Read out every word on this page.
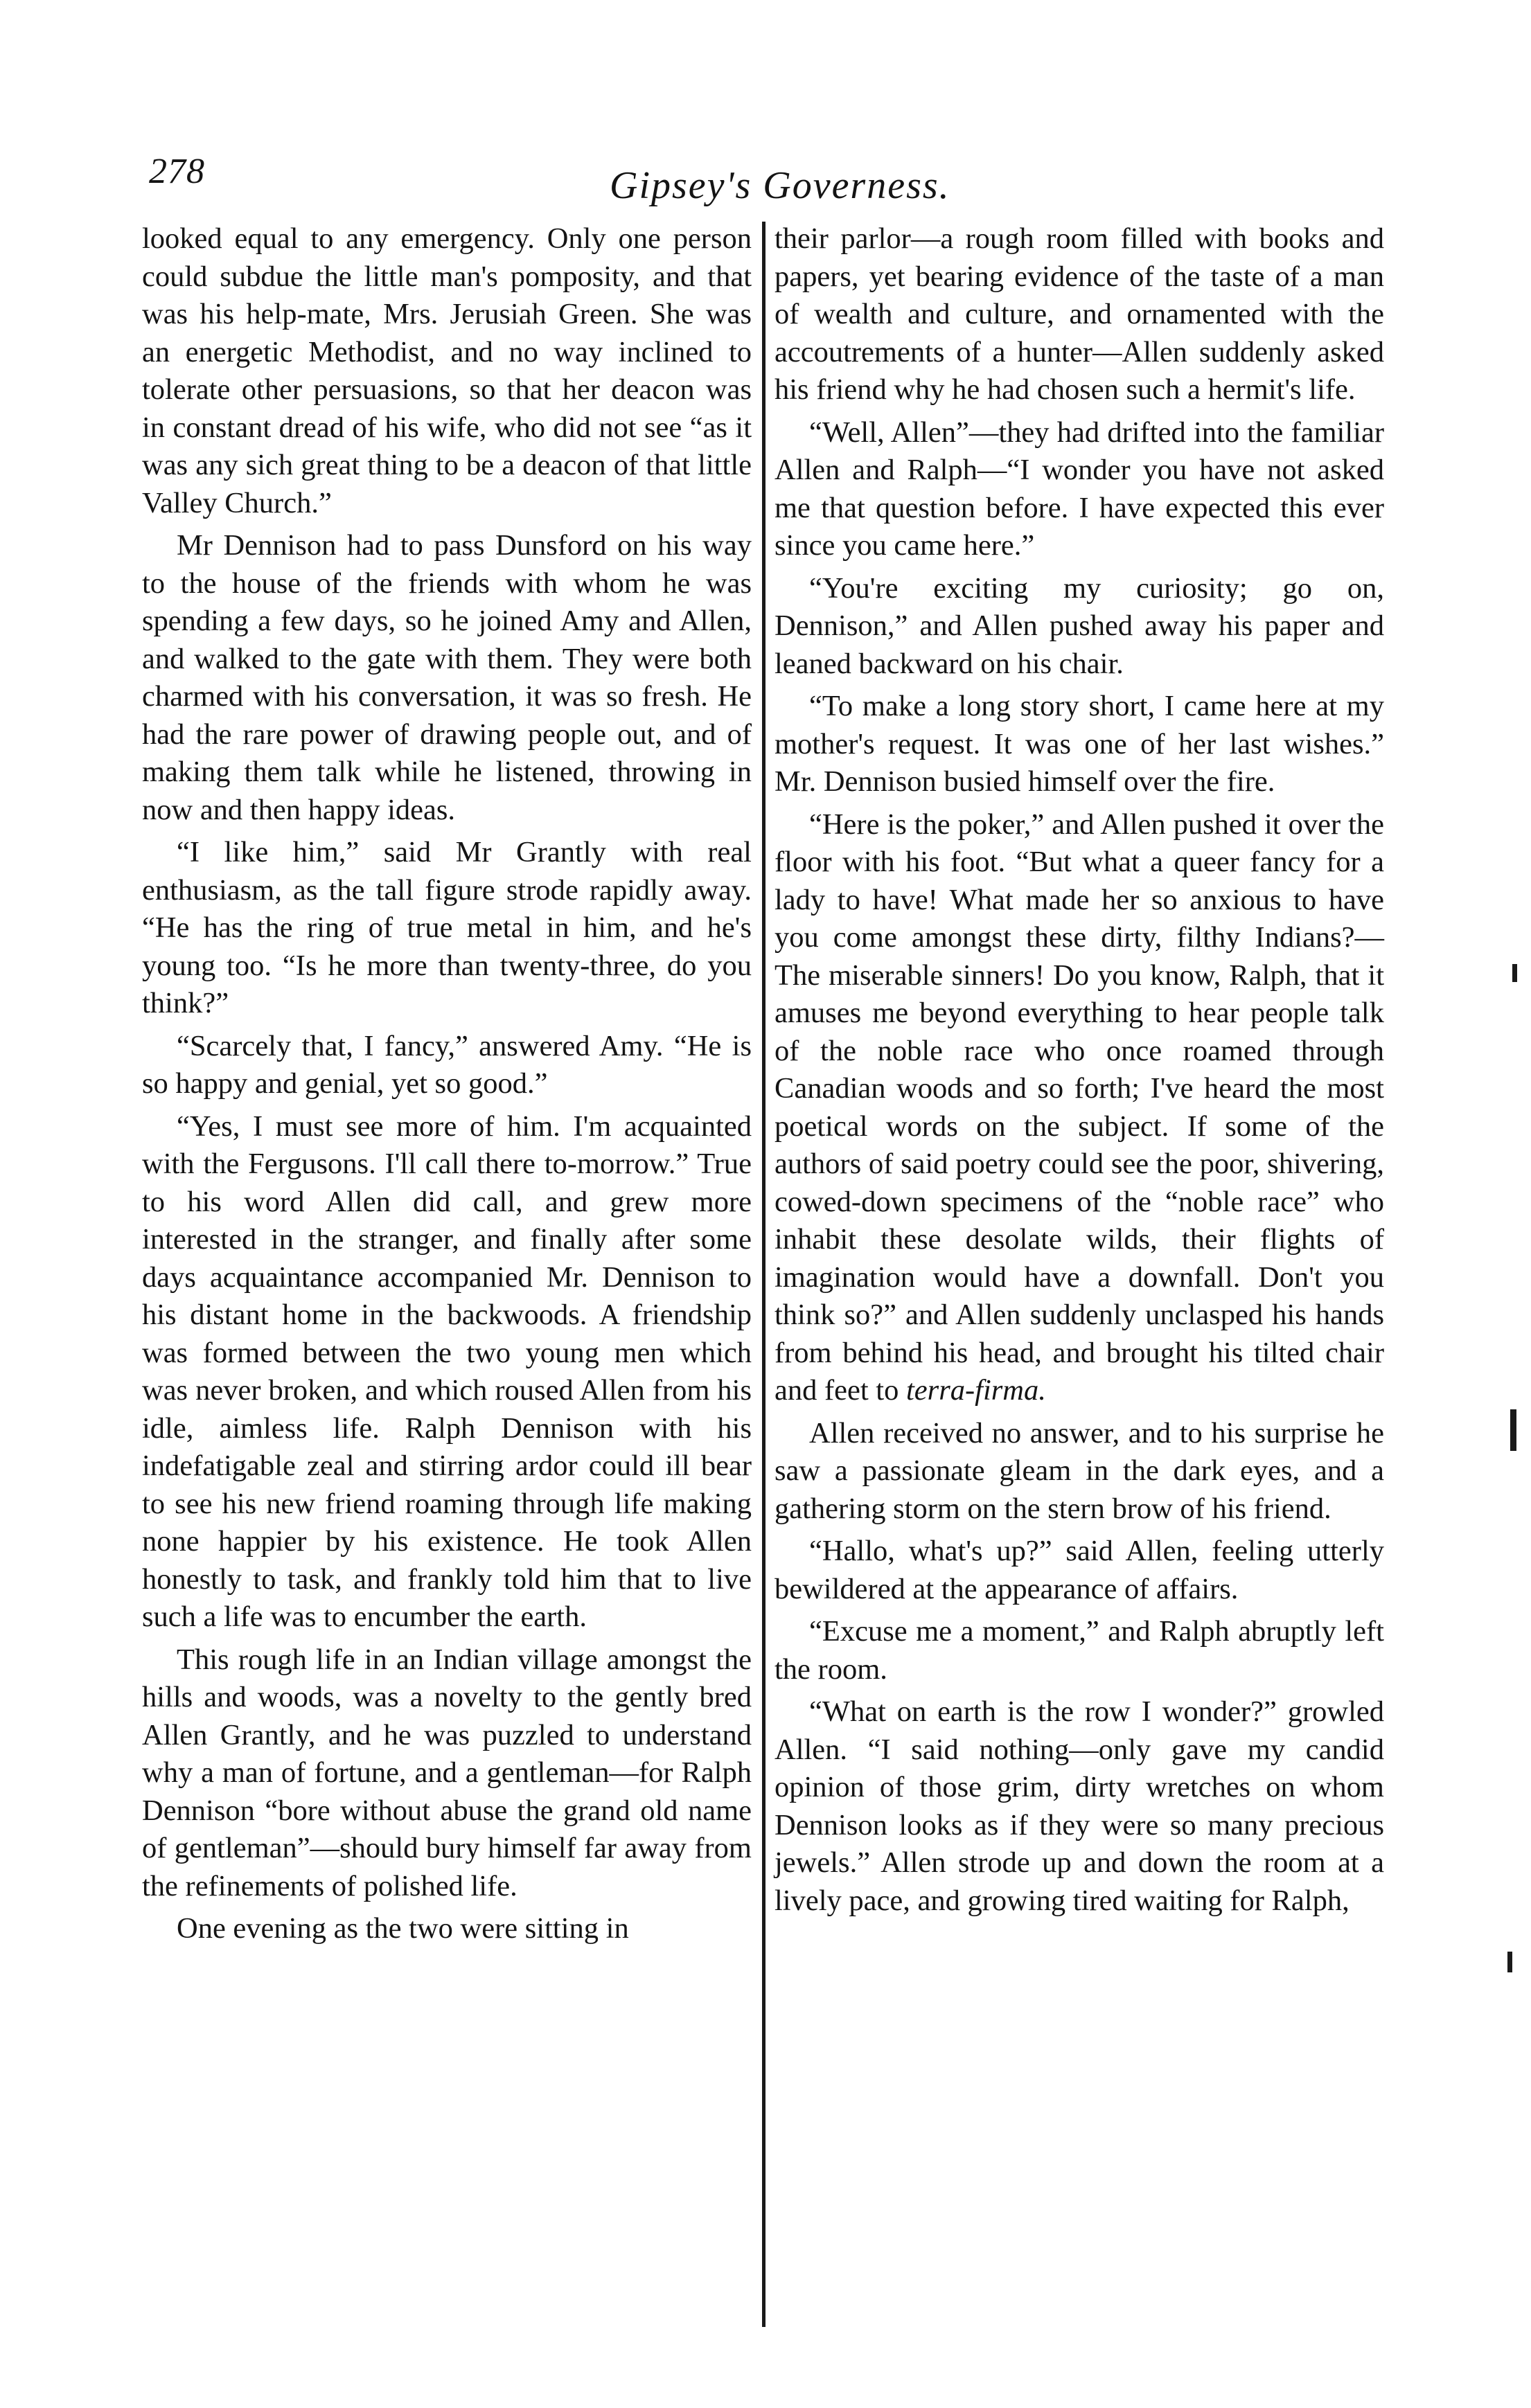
278	Gipsey's Governess.

looked equal to any emergency. Only one person could subdue the little man's pomposity, and that was his help-mate, Mrs. Jerusiah Green. She was an energetic Methodist, and no way inclined to tolerate other persuasions, so that her deacon was in constant dread of his wife, who did not see “as it was any sich great thing to be a deacon of that little Valley Church.”

Mr Dennison had to pass Dunsford on his way to the house of the friends with whom he was spending a few days, so he joined Amy and Allen, and walked to the gate with them. They were both charmed with his conversation, it was so fresh. He had the rare power of drawing people out, and of making them talk while he listened, throwing in now and then happy ideas.

“I like him,” said Mr Grantly with real enthusiasm, as the tall figure strode rapidly away. “He has the ring of true metal in him, and he's young too. “Is he more than twenty-three, do you think?”

“Scarcely that, I fancy,” answered Amy. “He is so happy and genial, yet so good.”

“Yes, I must see more of him. I'm acquainted with the Fergusons. I'll call there to-morrow.” True to his word Allen did call, and grew more interested in the stranger, and finally after some days acquaintance accompanied Mr. Dennison to his distant home in the backwoods. A friendship was formed between the two young men which was never broken, and which roused Allen from his idle, aimless life. Ralph Dennison with his indefatigable zeal and stirring ardor could ill bear to see his new friend roaming through life making none happier by his existence. He took Allen honestly to task, and frankly told him that to live such a life was to encumber the earth.

This rough life in an Indian village amongst the hills and woods, was a novelty to the gently bred Allen Grantly, and he was puzzled to understand why a man of fortune, and a gentleman—for Ralph Dennison “bore without abuse the grand old name of gentleman”—should bury himself far away from the refinements of polished life.

One evening as the two were sitting in

their parlor—a rough room filled with books and papers, yet bearing evidence of the taste of a man of wealth and culture, and ornamented with the accoutrements of a hunter—Allen suddenly asked his friend why he had chosen such a hermit's life.

“Well, Allen”—they had drifted into the familiar Allen and Ralph—“I wonder you have not asked me that question before. I have expected this ever since you came here.”

“You're exciting my curiosity; go on, Dennison,” and Allen pushed away his paper and leaned backward on his chair.

“To make a long story short, I came here at my mother's request. It was one of her last wishes.” Mr. Dennison busied himself over the fire.

“Here is the poker,” and Allen pushed it over the floor with his foot. “But what a queer fancy for a lady to have! What made her so anxious to have you come amongst these dirty, filthy Indians?—The miserable sinners! Do you know, Ralph, that it amuses me beyond everything to hear people talk of the noble race who once roamed through Canadian woods and so forth; I've heard the most poetical words on the subject. If some of the authors of said poetry could see the poor, shivering, cowed-down specimens of the “noble race” who inhabit these desolate wilds, their flights of imagination would have a downfall. Don't you think so?” and Allen suddenly unclasped his hands from behind his head, and brought his tilted chair and feet to terra-firma.

Allen received no answer, and to his surprise he saw a passionate gleam in the dark eyes, and a gathering storm on the stern brow of his friend.

“Hallo, what's up?” said Allen, feeling utterly bewildered at the appearance of affairs.

“Excuse me a moment,” and Ralph abruptly left the room.

“What on earth is the row I wonder?” growled Allen. “I said nothing—only gave my candid opinion of those grim, dirty wretches on whom Dennison looks as if they were so many precious jewels.” Allen strode up and down the room at a lively pace, and growing tired waiting for Ralph,
